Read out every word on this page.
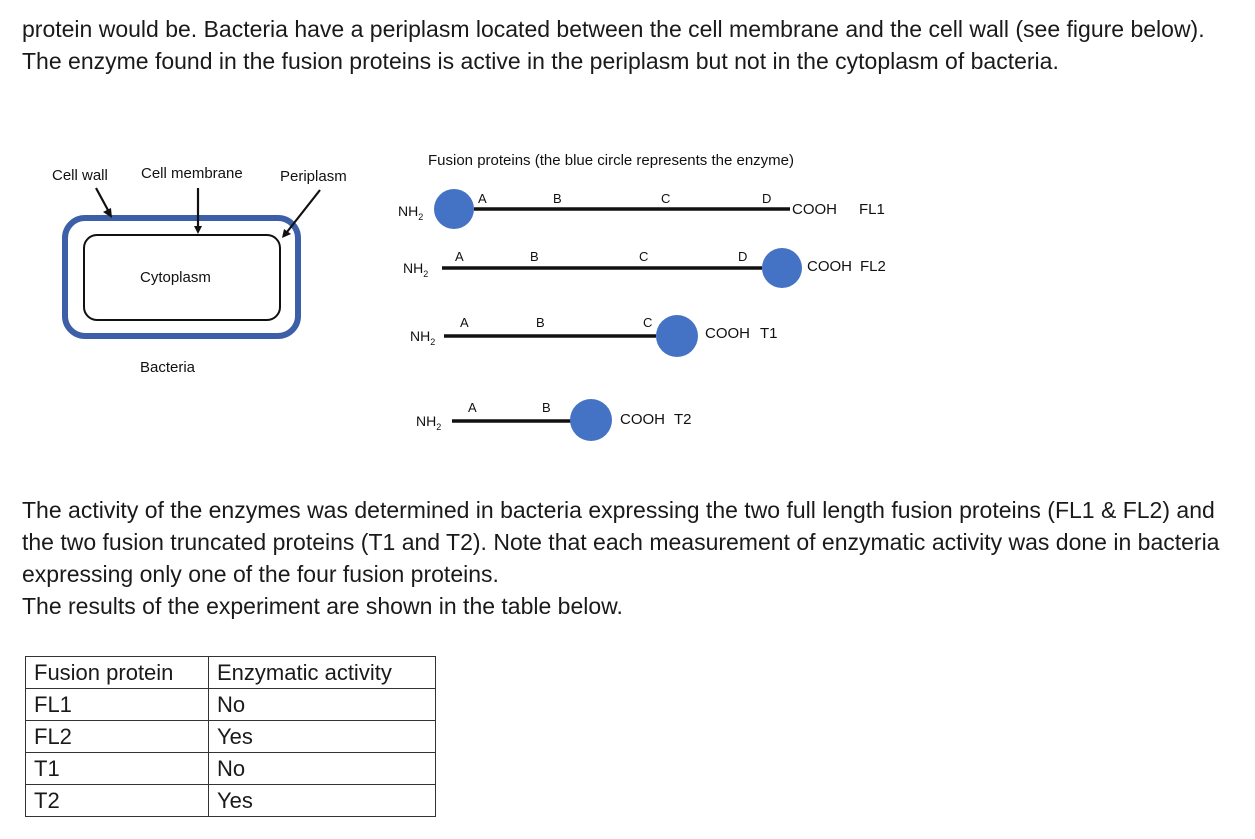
protein would be. Bacteria have a periplasm located between the cell membrane and the cell wall (see figure below). The enzyme found in the fusion proteins is active in the periplasm but not in the cytoplasm of bacteria.

Cell wall Cell membrane Periplasm
Cytoplasm
Bacteria
Fusion proteins (the blue circle represents the enzyme)
$NH_2$
A	B	C	D
COOH FL1
$NH_2$
A	B	C	D
COOH FL2
$NH_2$
A	B	C
COOH T1
$NH_2$
A	B
COOH T2
The activity of the enzymes was determined in bacteria expressing the two full length fusion proteins (FL1 & FL2) and the two fusion truncated proteins (T1 and T2). Note that each measurement of enzymatic activity was done in bacteria expressing only one of the four fusion proteins.
The results of the experiment are shown in the table below.
Fusion protein	Enzymatic activity
FL1	No
FL2	Yes
T1	No
T2	Yes
